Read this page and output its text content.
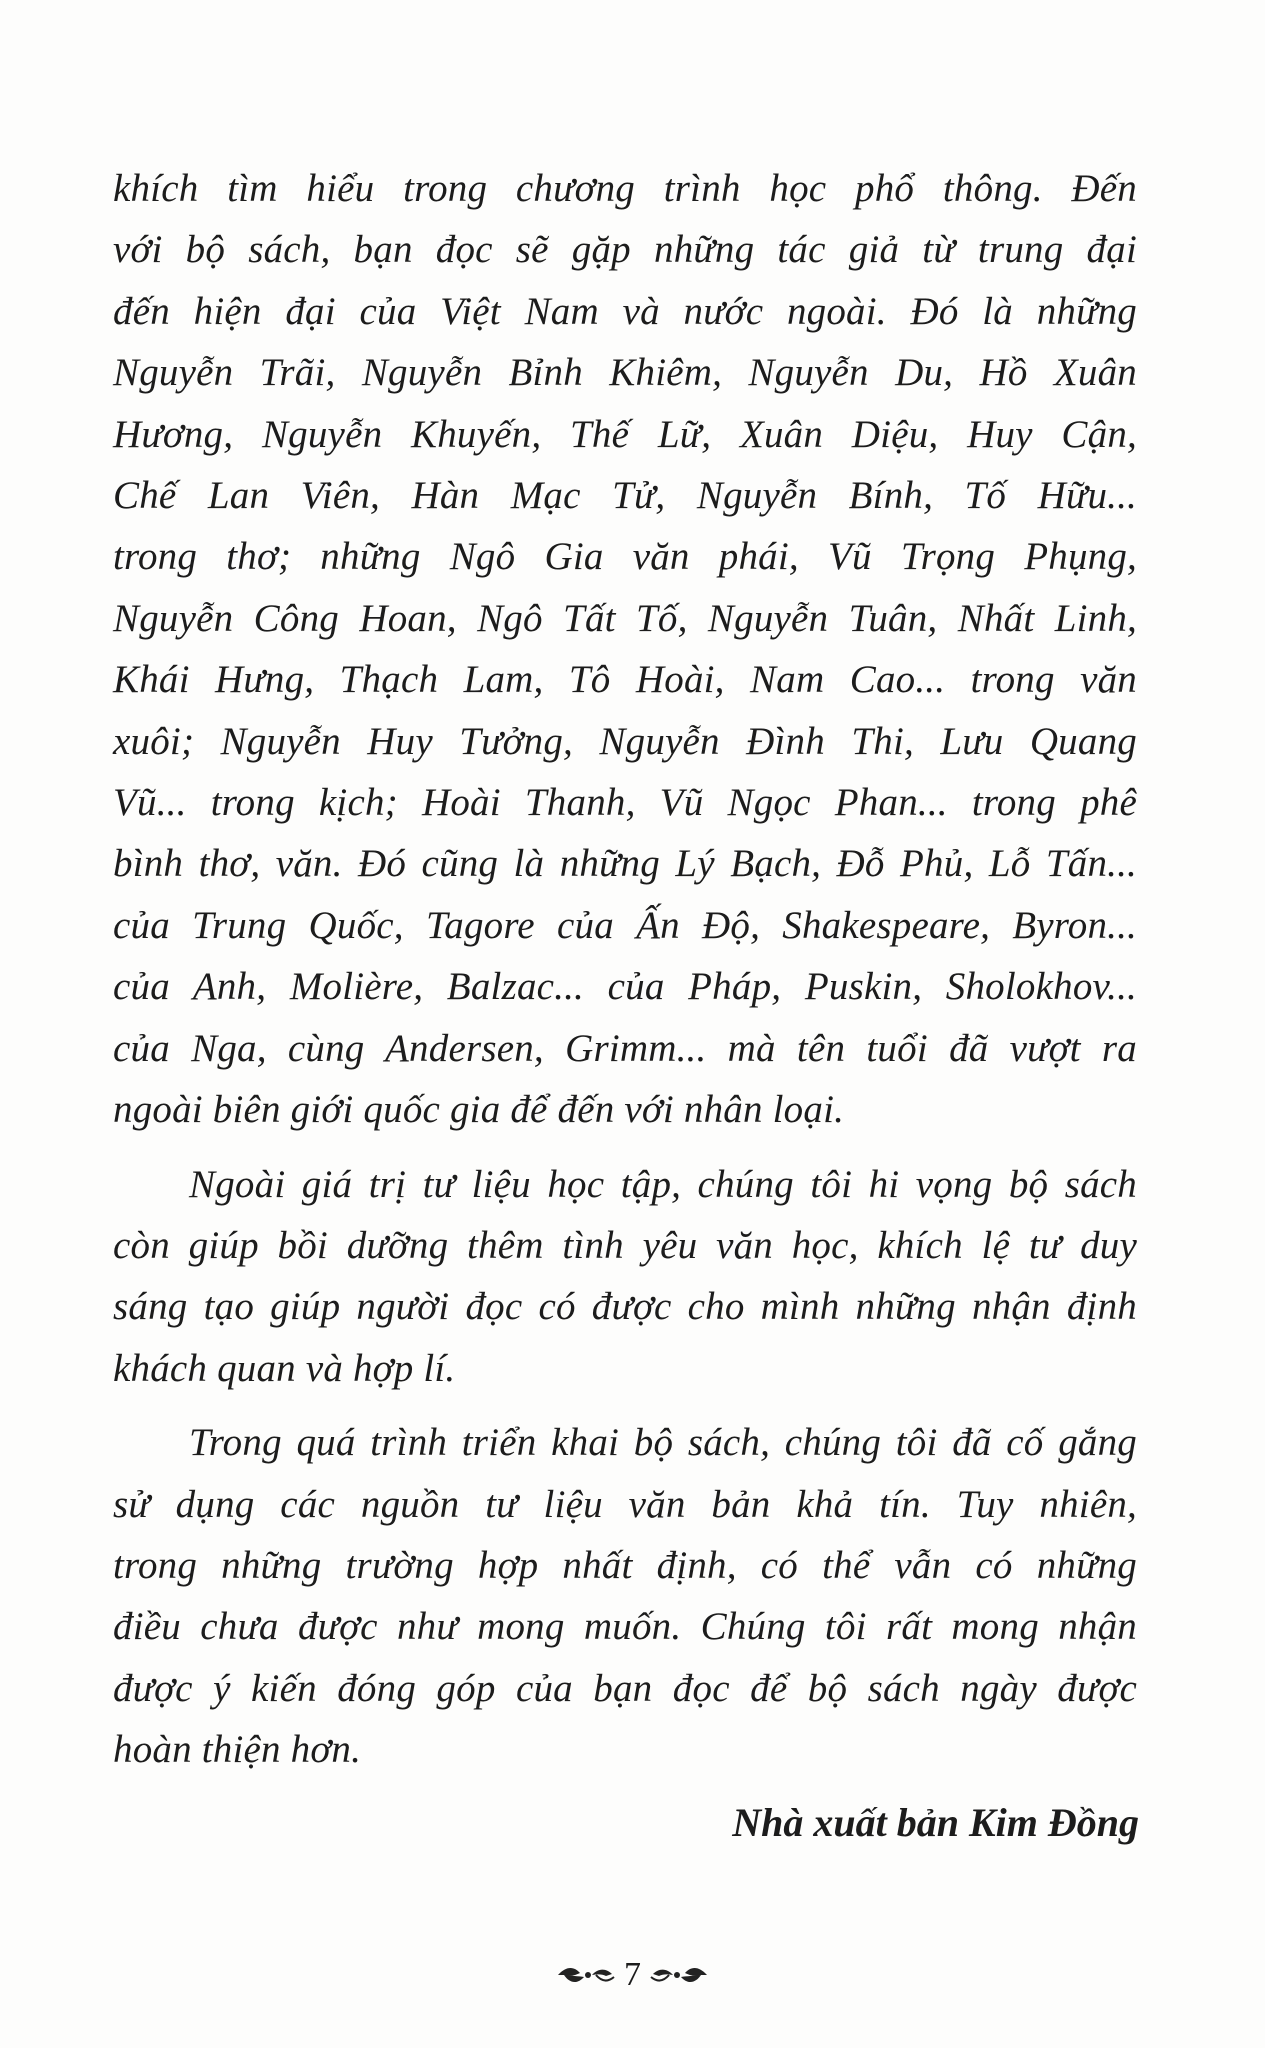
khích tìm hiểu trong chương trình học phổ thông. Đến
với bộ sách, bạn đọc sẽ gặp những tác giả từ trung đại
đến hiện đại của Việt Nam và nước ngoài. Đó là những
Nguyễn Trãi, Nguyễn Bỉnh Khiêm, Nguyễn Du, Hồ Xuân
Hương, Nguyễn Khuyến, Thế Lữ, Xuân Diệu, Huy Cận,
Chế Lan Viên, Hàn Mạc Tử, Nguyễn Bính, Tố Hữu...
trong thơ; những Ngô Gia văn phái, Vũ Trọng Phụng,
Nguyễn Công Hoan, Ngô Tất Tố, Nguyễn Tuân, Nhất Linh,
Khái Hưng, Thạch Lam, Tô Hoài, Nam Cao... trong văn
xuôi; Nguyễn Huy Tưởng, Nguyễn Đình Thi, Lưu Quang
Vũ... trong kịch; Hoài Thanh, Vũ Ngọc Phan... trong phê
bình thơ, văn. Đó cũng là những Lý Bạch, Đỗ Phủ, Lỗ Tấn...
của Trung Quốc, Tagore của Ấn Độ, Shakespeare, Byron...
của Anh, Molière, Balzac... của Pháp, Puskin, Sholokhov...
của Nga, cùng Andersen, Grimm... mà tên tuổi đã vượt ra
ngoài biên giới quốc gia để đến với nhân loại.

Ngoài giá trị tư liệu học tập, chúng tôi hi vọng bộ sách
còn giúp bồi dưỡng thêm tình yêu văn học, khích lệ tư duy
sáng tạo giúp người đọc có được cho mình những nhận định
khách quan và hợp lí.

Trong quá trình triển khai bộ sách, chúng tôi đã cố gắng
sử dụng các nguồn tư liệu văn bản khả tín. Tuy nhiên,
trong những trường hợp nhất định, có thể vẫn có những
điều chưa được như mong muốn. Chúng tôi rất mong nhận
được ý kiến đóng góp của bạn đọc để bộ sách ngày được
hoàn thiện hơn.

Nhà xuất bản Kim Đồng

7
